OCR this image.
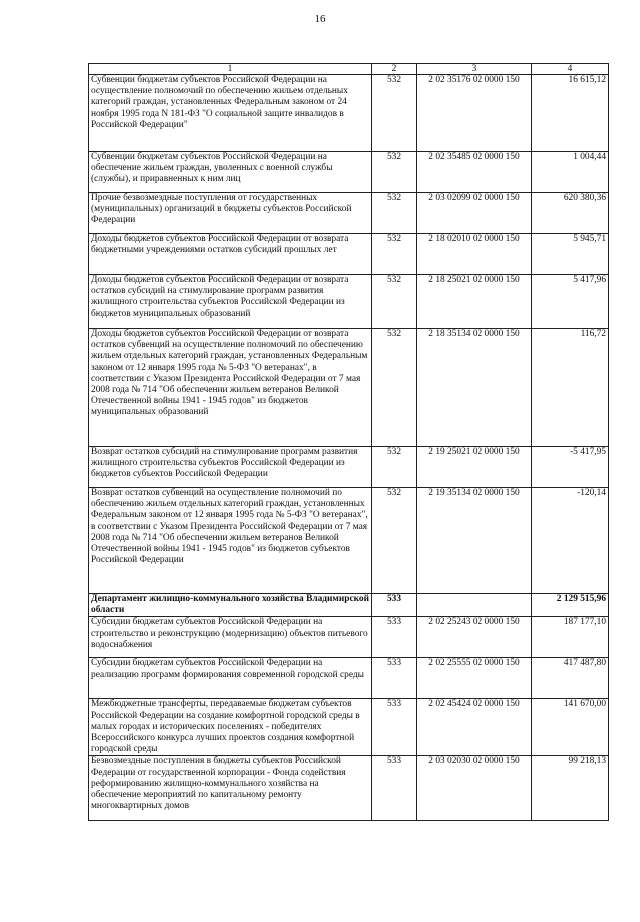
16
1	2	3	4
Субвенции бюджетам субъектов Российской Федерации на осуществление полномочий по обеспечению жильем отдельных категорий граждан, установленных Федеральным законом от 24 ноября 1995 года N 181-ФЗ "О социальной защите инвалидов в Российской Федерации"	532	2 02 35176 02 0000 150	16 615,12
Субвенции бюджетам субъектов Российской Федерации на обеспечение жильем граждан, уволенных с военной службы (службы), и приравненных к ним лиц	532	2 02 35485 02 0000 150	1 004,44
Прочие безвозмездные поступления от государственных (муниципальных) организаций в бюджеты субъектов Российской Федерации	532	2 03 02099 02 0000 150	620 380,36
Доходы бюджетов субъектов Российской Федерации от возврата бюджетными учреждениями остатков субсидий прошлых лет	532	2 18 02010 02 0000 150	5 945,71
Доходы бюджетов субъектов Российской Федерации от возврата остатков субсидий на стимулирование программ развития жилищного строительства субъектов Российской Федерации из бюджетов муниципальных образований	532	2 18 25021 02 0000 150	5 417,96
Доходы бюджетов субъектов Российской Федерации от возврата остатков субвенций на осуществление полномочий по обеспечению жильем отдельных категорий граждан, установленных Федеральным законом от 12 января 1995 года № 5-ФЗ "О ветеранах", в соответствии с Указом Президента Российской Федерации от 7 мая 2008 года № 714 "Об обеспечении жильем ветеранов Великой Отечественной войны 1941 - 1945 годов" из бюджетов муниципальных образований	532	2 18 35134 02 0000 150	116,72
Возврат остатков субсидий на стимулирование программ развития жилищного строительства субъектов Российской Федерации из бюджетов субъектов Российской Федерации	532	2 19 25021 02 0000 150	-5 417,95
Возврат остатков субвенций на осуществление полномочий по обеспечению жильем отдельных категорий граждан, установленных Федеральным законом от 12 января 1995 года № 5-ФЗ "О ветеранах", в соответствии с Указом Президента Российской Федерации от 7 мая 2008 года № 714 "Об обеспечении жильем ветеранов Великой Отечественной войны 1941 - 1945 годов" из бюджетов субъектов Российской Федерации	532	2 19 35134 02 0000 150	-120,14
Департамент жилищно-коммунального хозяйства Владимирской области	533		2 129 515,96
Субсидии бюджетам субъектов Российской Федерации на строительство и реконструкцию (модернизацию) объектов питьевого водоснабжения	533	2 02 25243 02 0000 150	187 177,10
Субсидии бюджетам субъектов Российской Федерации на реализацию программ формирования современной городской среды	533	2 02 25555 02 0000 150	417 487,80
Межбюджетные трансферты, передаваемые бюджетам субъектов Российской Федерации на создание комфортной городской среды в малых городах и исторических поселениях - победителях Всероссийского конкурса лучших проектов создания комфортной городской среды	533	2 02 45424 02 0000 150	141 670,00
Безвозмездные поступления в бюджеты субъектов Российской Федерации от государственной корпорации - Фонда содействия реформированию жилищно-коммунального хозяйства на обеспечение мероприятий по капитальному ремонту многоквартирных домов	533	2 03 02030 02 0000 150	99 218,13
